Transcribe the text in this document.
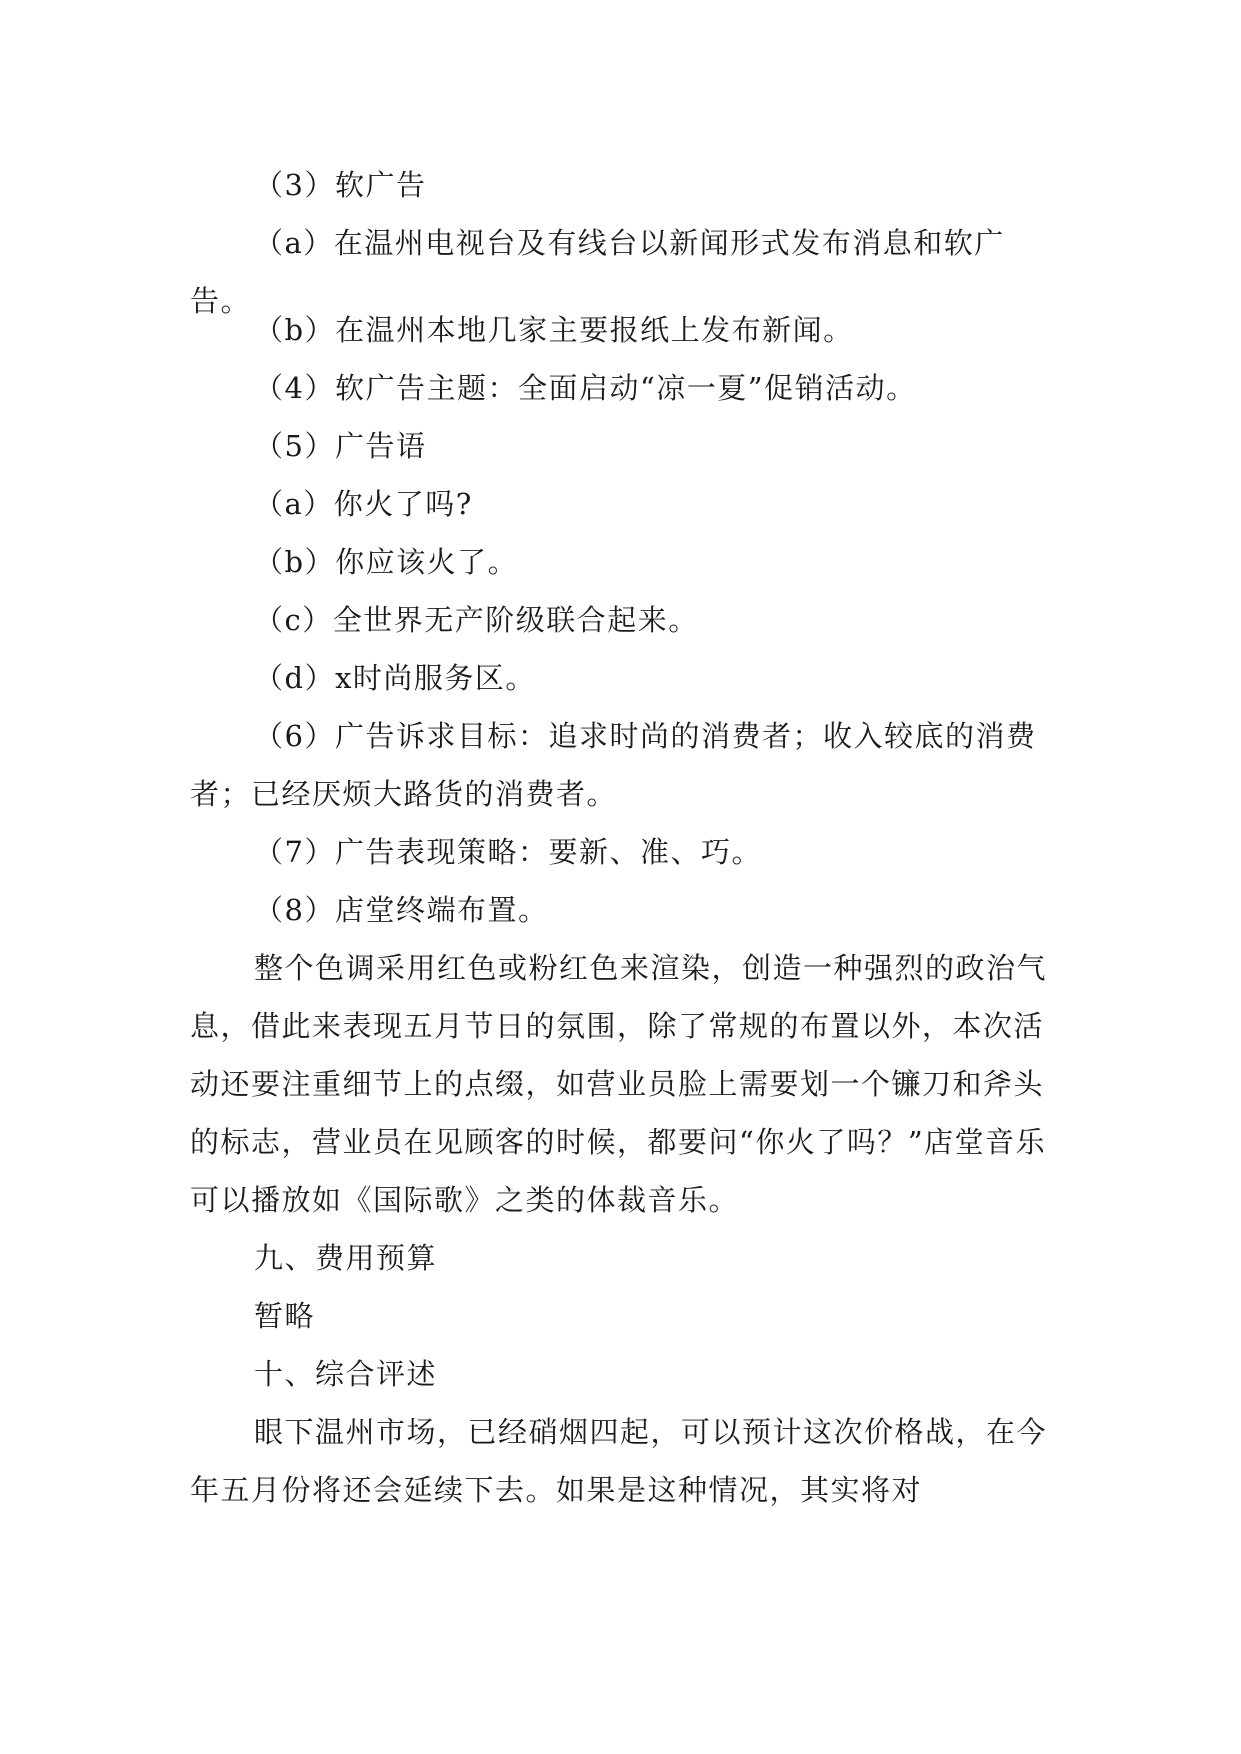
（3）软广告

（a）在温州电视台及有线台以新闻形式发布消息和软广告。

（b）在温州本地几家主要报纸上发布新闻。

（4）软广告主题：全面启动“凉一夏”促销活动。

（5）广告语

（a）你火了吗?

（b）你应该火了。

（c）全世界无产阶级联合起来。

（d）x时尚服务区。

（6）广告诉求目标：追求时尚的消费者；收入较底的消费者；已经厌烦大路货的消费者。

（7）广告表现策略：要新、准、巧。

（8）店堂终端布置。

整个色调采用红色或粉红色来渲染，创造一种强烈的政治气息，借此来表现五月节日的氛围，除了常规的布置以外，本次活动还要注重细节上的点缀，如营业员脸上需要划一个镰刀和斧头的标志，营业员在见顾客的时候，都要问“你火了吗？”店堂音乐可以播放如《国际歌》之类的体裁音乐。

九、费用预算

暂略

十、综合评述

眼下温州市场，已经硝烟四起，可以预计这次价格战，在今年五月份将还会延续下去。如果是这种情况，其实将对
